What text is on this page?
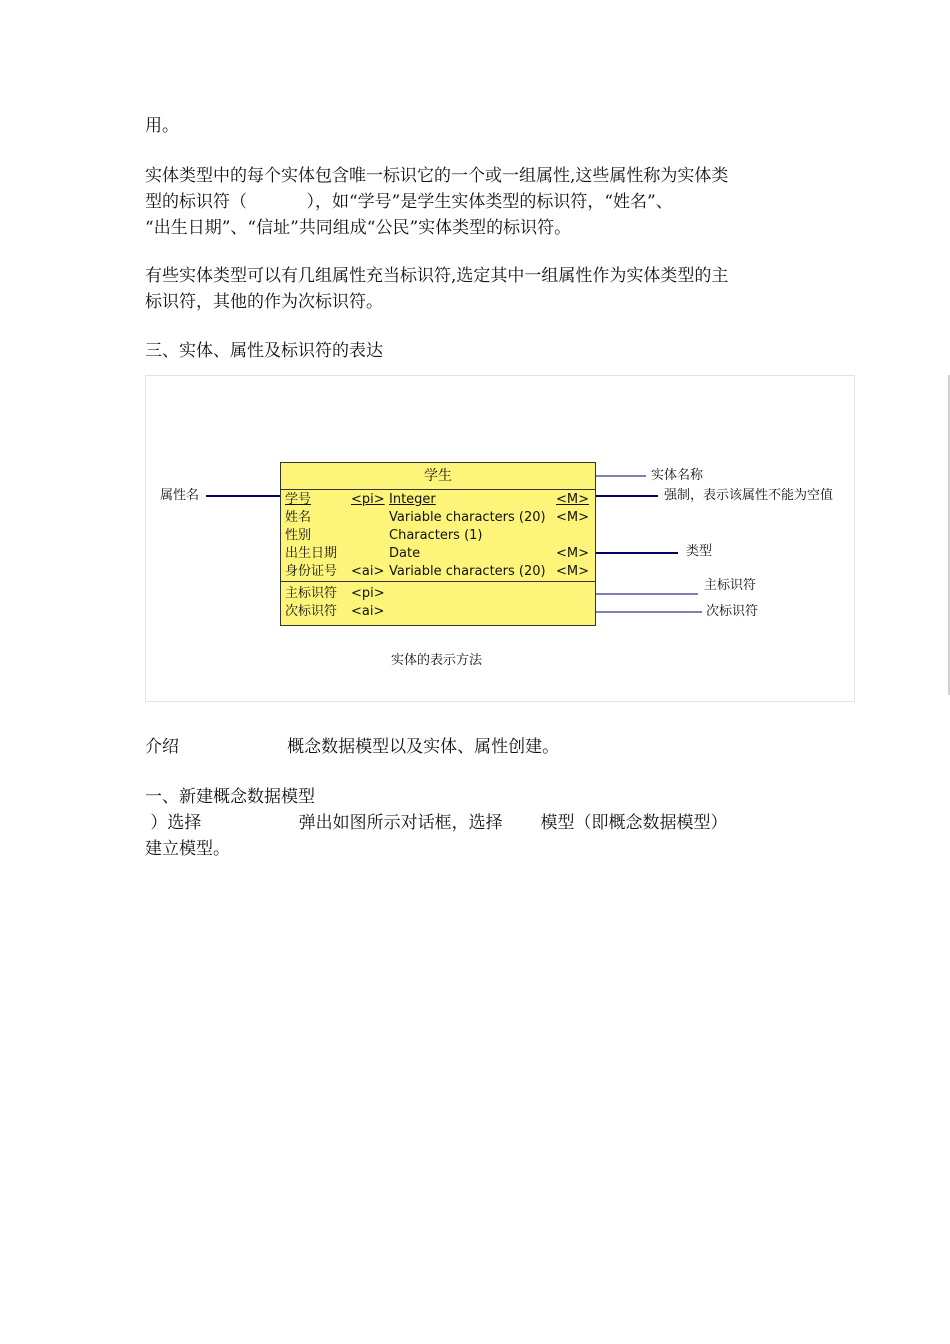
用。
实体类型中的每个实体包含唯一标识它的一个或一组属性,这些属性称为实体类
型的标识符（           ），如“学号”是学生实体类型的标识符，“姓名”、
“出生日期”、“信址”共同组成“公民”实体类型的标识符。
有些实体类型可以有几组属性充当标识符,选定其中一组属性作为实体类型的主
标识符，其他的作为次标识符。
三、实体、属性及标识符的表达
属性名
学生
学号	<pi> Integer	<M>
姓名	Variable characters (20) <M>
性别	Characters (1)
出生日期	Date	<M>
身份证号 <ai> Variable characters (20) <M>
主标识符 <pi>
次标识符 <ai>
实体名称
强制，表示该属性不能为空值
类型
主标识符
次标识符
实体的表示方法
介绍                    概念数据模型以及实体、属性创建。
一、新建概念数据模型
）选择                  弹出如图所示对话框，选择       模型（即概念数据模型）
建立模型。
